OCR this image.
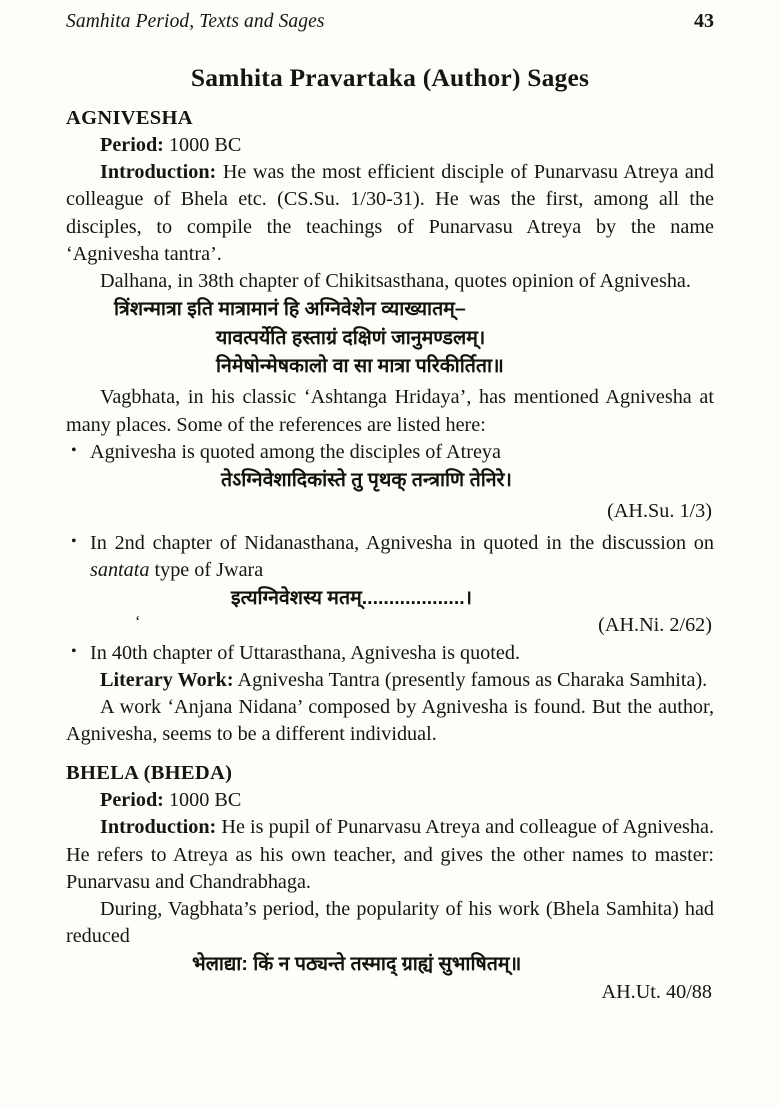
Samhita Period, Texts and Sages	43
Samhita Pravartaka (Author) Sages
AGNIVESHA

Period: 1000 BC

Introduction: He was the most efficient disciple of Punarvasu Atreya and colleague of Bhela etc. (CS.Su. 1/30-31). He was the first, among all the disciples, to compile the teachings of Punarvasu Atreya by the name ‘Agnivesha tantra’.

Dalhana, in 38th chapter of Chikitsasthana, quotes opinion of Agnivesha.

त्रिंशन्मात्रा इति मात्रामानं हि अग्निवेशेन व्याख्यातम्–
यावत्पर्येति हस्ताग्रं दक्षिणं जानुमण्डलम्।
निमेषोन्मेषकालो वा सा मात्रा परिकीर्तिता॥

Vagbhata, in his classic ‘Ashtanga Hridaya’, has mentioned Agnivesha at many places. Some of the references are listed here:

• Agnivesha is quoted among the disciples of Atreya
तेऽग्निवेशादिकांस्ते तु पृथक् तन्त्राणि तेनिरे।
(AH.Su. 1/3)
• In 2nd chapter of Nidanasthana, Agnivesha in quoted in the discussion on santata type of Jwara
इत्यग्निवेशस्य मतम्...................।
‘	(AH.Ni. 2/62)
• In 40th chapter of Uttarasthana, Agnivesha is quoted.

Literary Work: Agnivesha Tantra (presently famous as Charaka Samhita).

A work ‘Anjana Nidana’ composed by Agnivesha is found. But the author, Agnivesha, seems to be a different individual.

BHELA (BHEDA)

Period: 1000 BC

Introduction: He is pupil of Punarvasu Atreya and colleague of Agnivesha. He refers to Atreya as his own teacher, and gives the other names to master: Punarvasu and Chandrabhaga.

During, Vagbhata’s period, the popularity of his work (Bhela Samhita) had reduced

भेलाद्या: किं न पठ्यन्ते तस्माद् ग्राह्यं सुभाषितम्॥
AH.Ut. 40/88
